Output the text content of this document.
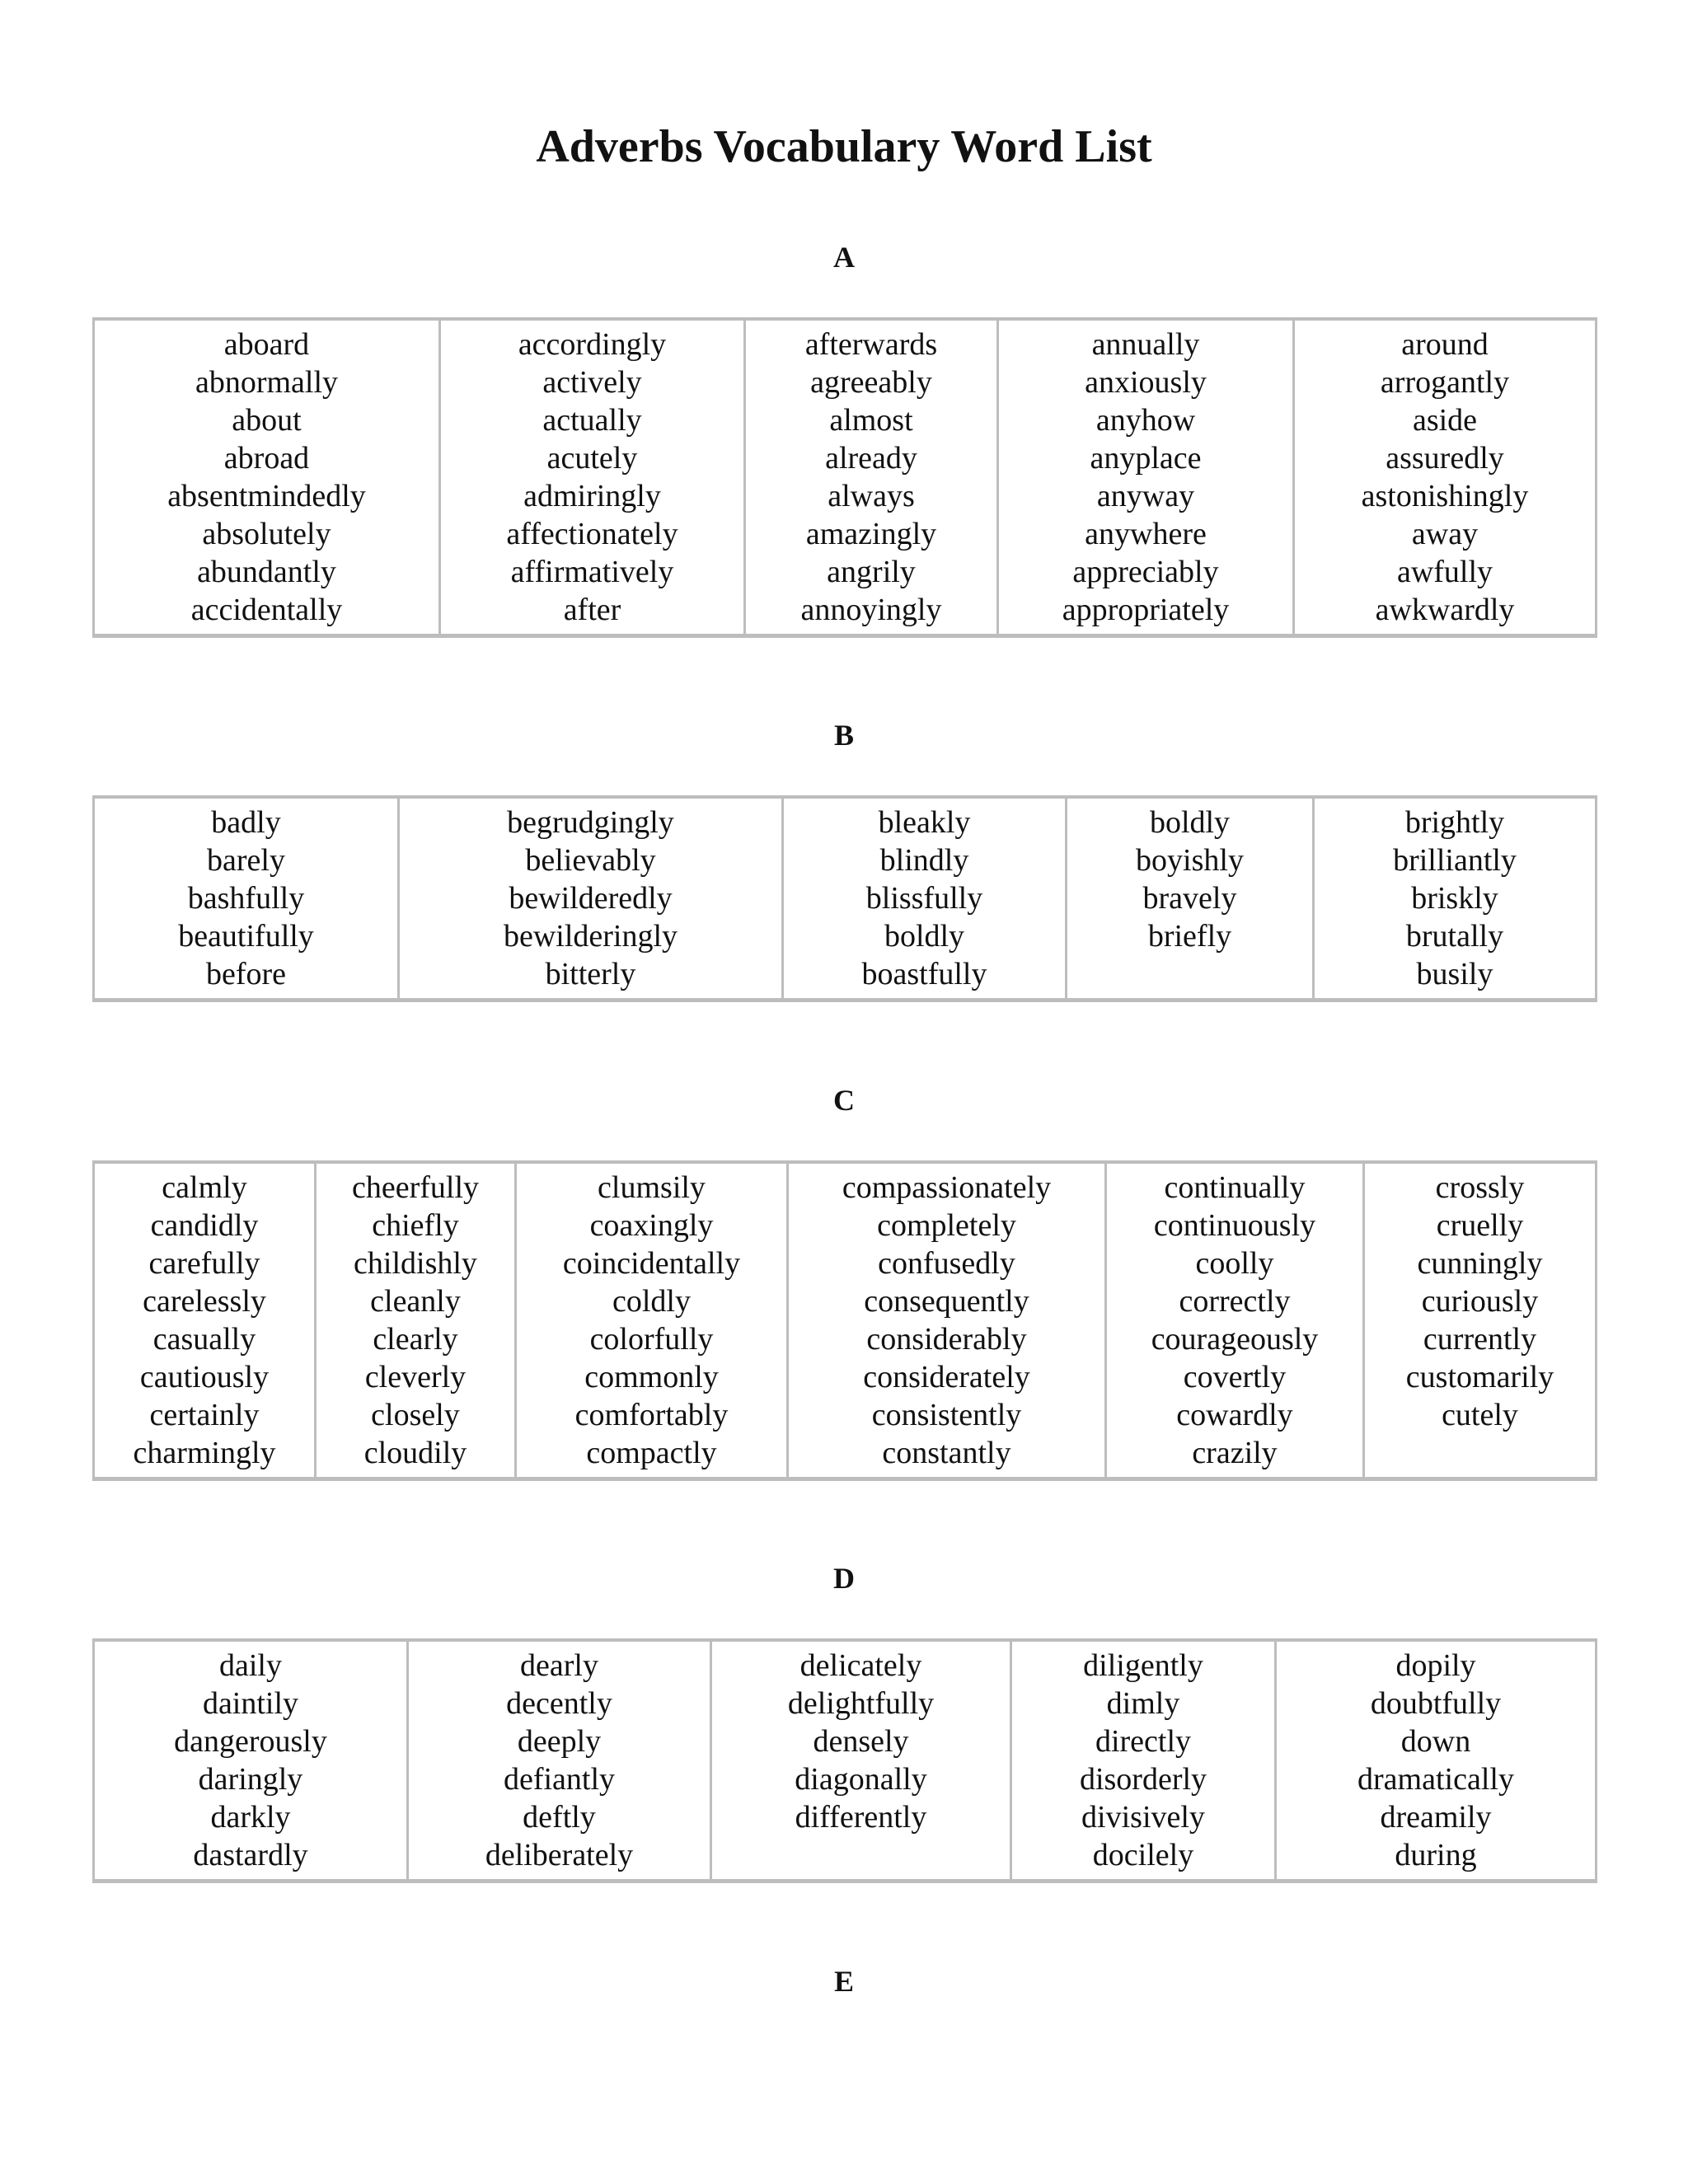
Adverbs Vocabulary Word List
A
aboard
abnormally
about
abroad
absentmindedly
absolutely
abundantly
accidentally

accordingly
actively
actually
acutely
admiringly
affectionately
affirmatively
after

afterwards
agreeably
almost
already
always
amazingly
angrily
annoyingly

annually
anxiously
anyhow
anyplace
anyway
anywhere
appreciably
appropriately

around
arrogantly
aside
assuredly
astonishingly
away
awfully
awkwardly
B
badly
barely
bashfully
beautifully
before

begrudgingly
believably
bewilderedly
bewilderingly
bitterly

bleakly
blindly
blissfully
boldly
boastfully

boldly
boyishly
bravely
briefly

brightly
brilliantly
briskly
brutally
busily
C
calmly
candidly
carefully
carelessly
casually
cautiously
certainly
charmingly

cheerfully
chiefly
childishly
cleanly
clearly
cleverly
closely
cloudily

clumsily
coaxingly
coincidentally
coldly
colorfully
commonly
comfortably
compactly

compassionately
completely
confusedly
consequently
considerably
considerately
consistently
constantly

continually
continuously
coolly
correctly
courageously
covertly
cowardly
crazily

crossly
cruelly
cunningly
curiously
currently
customarily
cutely
D
daily
daintily
dangerously
daringly
darkly
dastardly

dearly
decently
deeply
defiantly
deftly
deliberately

delicately
delightfully
densely
diagonally
differently

diligently
dimly
directly
disorderly
divisively
docilely

dopily
doubtfully
down
dramatically
dreamily
during
E
